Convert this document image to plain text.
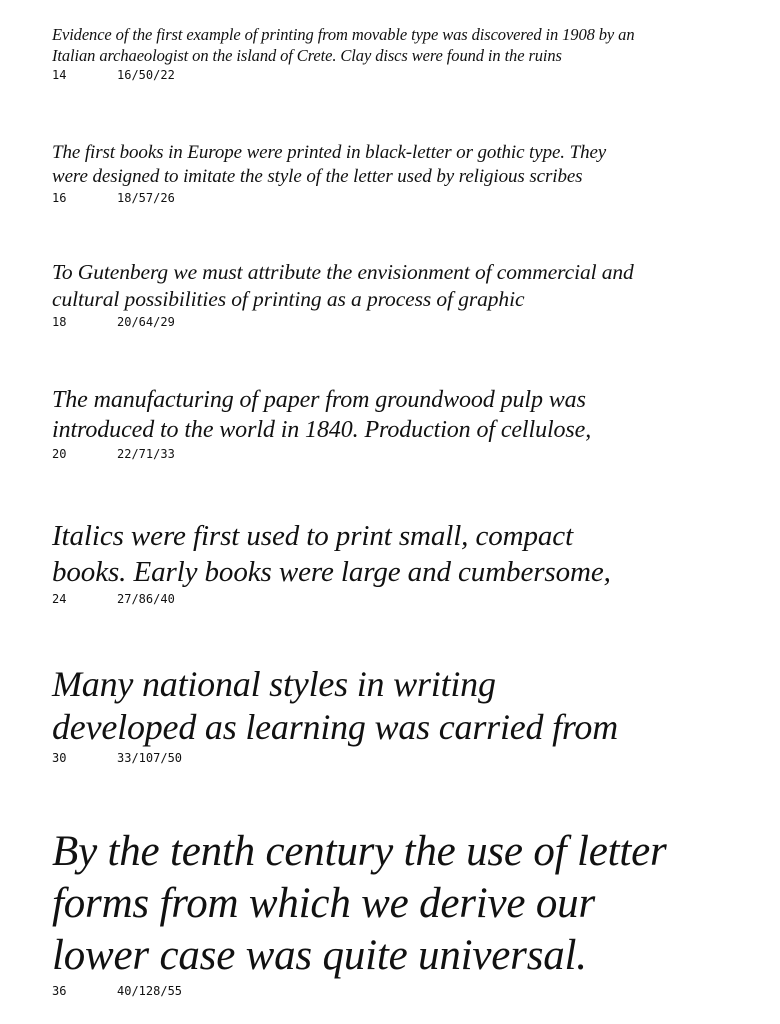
Evidence of the first example of printing from movable type was discovered in 1908 by an
Italian archaeologist on the island of Crete. Clay discs were found in the ruins

14	16/50/22

The first books in Europe were printed in black-letter or gothic type. They
were designed to imitate the style of the letter used by religious scribes

16	18/57/26

To Gutenberg we must attribute the envisionment of commercial and
cultural possibilities of printing as a process of graphic

18	20/64/29

The manufacturing of paper from groundwood pulp was
introduced to the world in 1840. Production of cellulose,

20	22/71/33

Italics were first used to print small, compact
books. Early books were large and cumbersome,

24	27/86/40

Many national styles in writing
developed as learning was carried from

30	33/107/50

By the tenth century the use of letter
forms from which we derive our
lower case was quite universal.

36	40/128/55
